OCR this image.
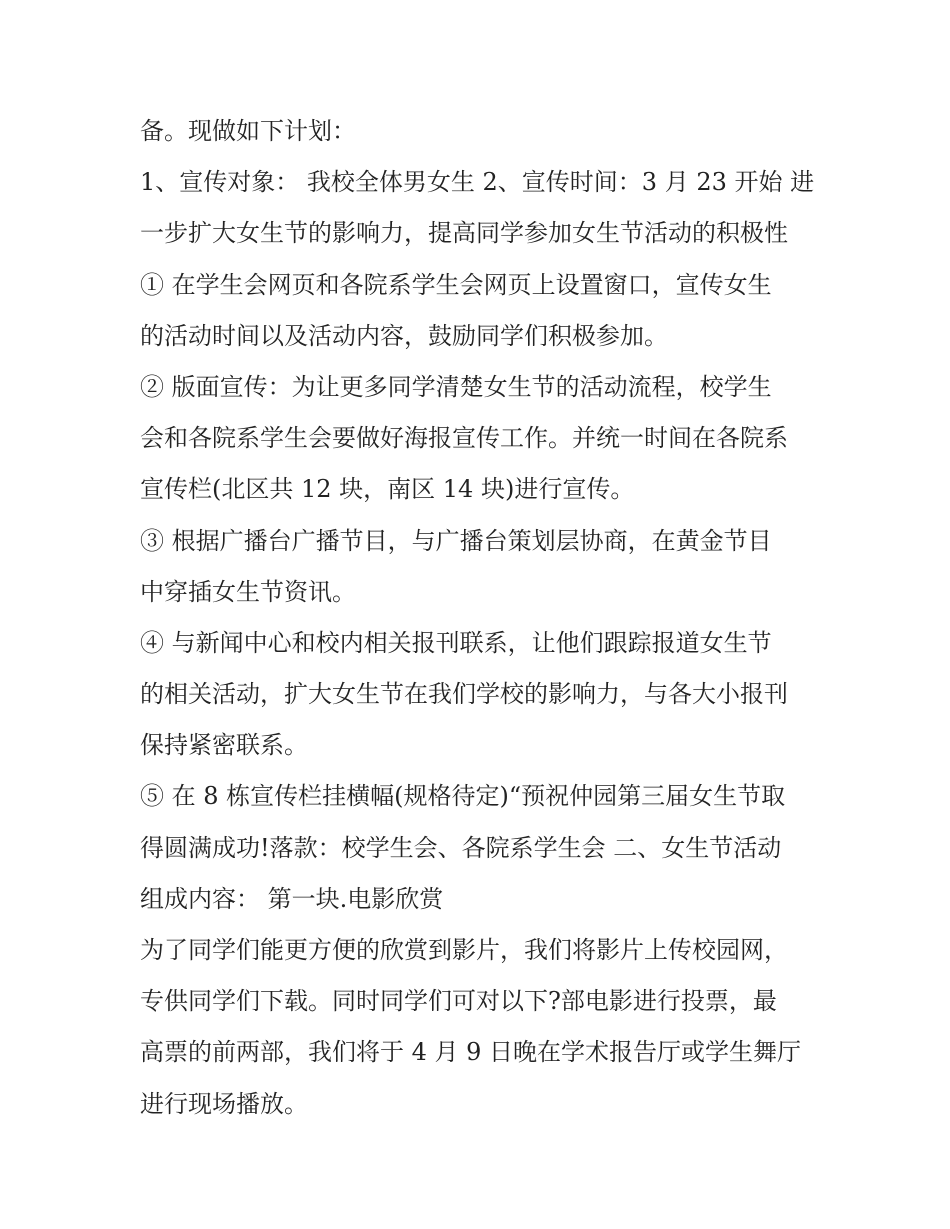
备。现做如下计划：
1、宣传对象： 我校全体男女生 2、宣传时间：3 月 23 开始 进
一步扩大女生节的影响力，提高同学参加女生节活动的积极性
① 在学生会网页和各院系学生会网页上设置窗口，宣传女生
的活动时间以及活动内容，鼓励同学们积极参加。
② 版面宣传：为让更多同学清楚女生节的活动流程，校学生
会和各院系学生会要做好海报宣传工作。并统一时间在各院系
宣传栏(北区共 12 块，南区 14 块)进行宣传。
③ 根据广播台广播节目，与广播台策划层协商，在黄金节目
中穿插女生节资讯。
④ 与新闻中心和校内相关报刊联系，让他们跟踪报道女生节
的相关活动，扩大女生节在我们学校的影响力，与各大小报刊
保持紧密联系。
⑤ 在 8 栋宣传栏挂横幅(规格待定)“预祝仲园第三届女生节取
得圆满成功!落款：校学生会、各院系学生会 二、女生节活动
组成内容： 第一块.电影欣赏
为了同学们能更方便的欣赏到影片，我们将影片上传校园网，
专供同学们下载。同时同学们可对以下?部电影进行投票，最
高票的前两部，我们将于 4 月 9 日晚在学术报告厅或学生舞厅
进行现场播放。
